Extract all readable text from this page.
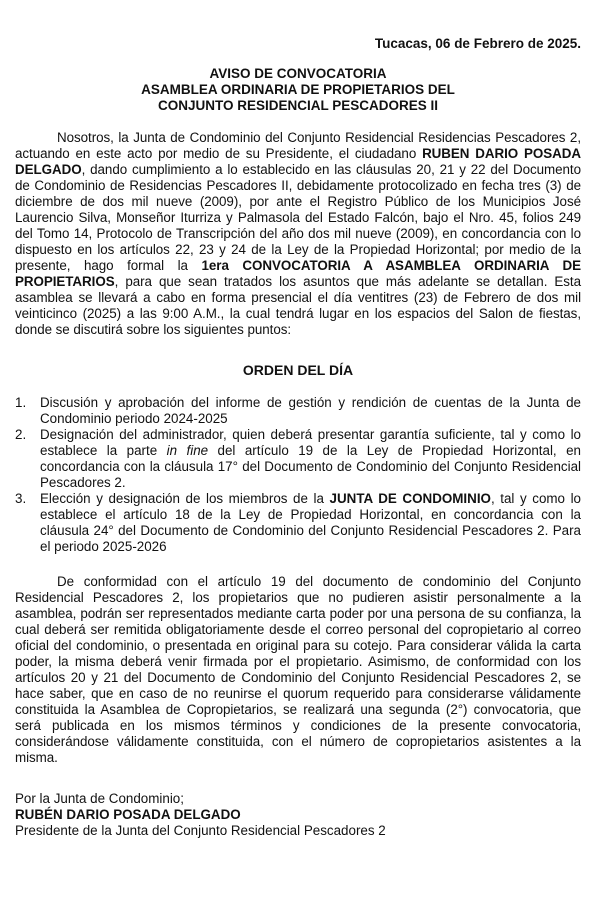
Tucacas, 06 de Febrero de 2025.
AVISO DE CONVOCATORIA
ASAMBLEA ORDINARIA DE PROPIETARIOS DEL
CONJUNTO RESIDENCIAL PESCADORES II

Nosotros, la Junta de Condominio del Conjunto Residencial Residencias Pescadores 2, actuando en este acto por medio de su Presidente, el ciudadano RUBEN DARIO POSADA DELGADO, dando cumplimiento a lo establecido en las cláusulas 20, 21 y 22 del Documento de Condominio de Residencias Pescadores II, debidamente protocolizado en fecha tres (3) de diciembre de dos mil nueve (2009), por ante el Registro Público de los Municipios José Laurencio Silva, Monseñor Iturriza y Palmasola del Estado Falcón, bajo el Nro. 45, folios 249 del Tomo 14, Protocolo de Transcripción del año dos mil nueve (2009), en concordancia con lo dispuesto en los artículos 22, 23 y 24 de la Ley de la Propiedad Horizontal; por medio de la presente, hago formal la 1era CONVOCATORIA A ASAMBLEA ORDINARIA DE PROPIETARIOS, para que sean tratados los asuntos que más adelante se detallan. Esta asamblea se llevará a cabo en forma presencial el día ventitres (23) de Febrero de dos mil veinticinco (2025) a las 9:00 A.M., la cual tendrá lugar en los espacios del Salon de fiestas, donde se discutirá sobre los siguientes puntos:

ORDEN DEL DÍA
1. Discusión y aprobación del informe de gestión y rendición de cuentas de la Junta de Condominio periodo 2024-2025
2. Designación del administrador, quien deberá presentar garantía suficiente, tal y como lo establece la parte in fine del artículo 19 de la Ley de Propiedad Horizontal, en concordancia con la cláusula 17° del Documento de Condominio del Conjunto Residencial Pescadores 2.
3. Elección y designación de los miembros de la JUNTA DE CONDOMINIO, tal y como lo establece el artículo 18 de la Ley de Propiedad Horizontal, en concordancia con la cláusula 24° del Documento de Condominio del Conjunto Residencial Pescadores 2. Para el periodo 2025-2026

De conformidad con el artículo 19 del documento de condominio del Conjunto Residencial Pescadores 2, los propietarios que no pudieren asistir personalmente a la asamblea, podrán ser representados mediante carta poder por una persona de su confianza, la cual deberá ser remitida obligatoriamente desde el correo personal del copropietario al correo oficial del condominio, o presentada en original para su cotejo. Para considerar válida la carta poder, la misma deberá venir firmada por el propietario. Asimismo, de conformidad con los artículos 20 y 21 del Documento de Condominio del Conjunto Residencial Pescadores 2, se hace saber, que en caso de no reunirse el quorum requerido para considerarse válidamente constituida la Asamblea de Copropietarios, se realizará una segunda (2°) convocatoria, que será publicada en los mismos términos y condiciones de la presente convocatoria, considerándose válidamente constituida, con el número de copropietarios asistentes a la misma.

Por la Junta de Condominio;
RUBÉN DARIO POSADA DELGADO
Presidente de la Junta del Conjunto Residencial Pescadores 2
